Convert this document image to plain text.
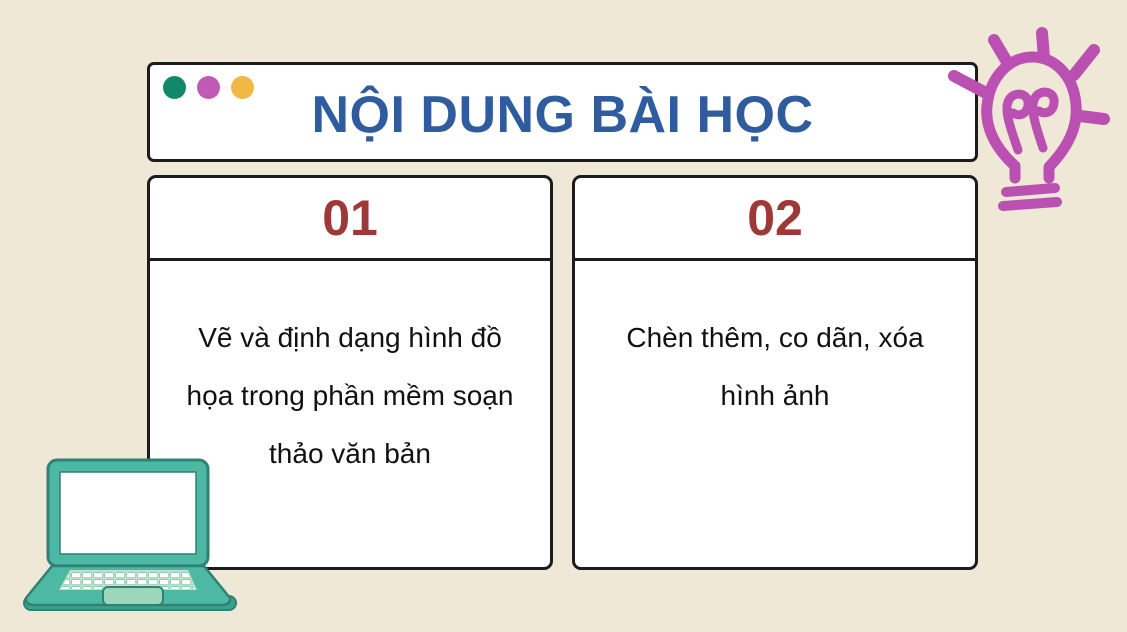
NỘI DUNG BÀI HỌC
01
Vẽ và định dạng hình đồ họa trong phần mềm soạn thảo văn bản
02
Chèn thêm, co dãn, xóa hình ảnh
